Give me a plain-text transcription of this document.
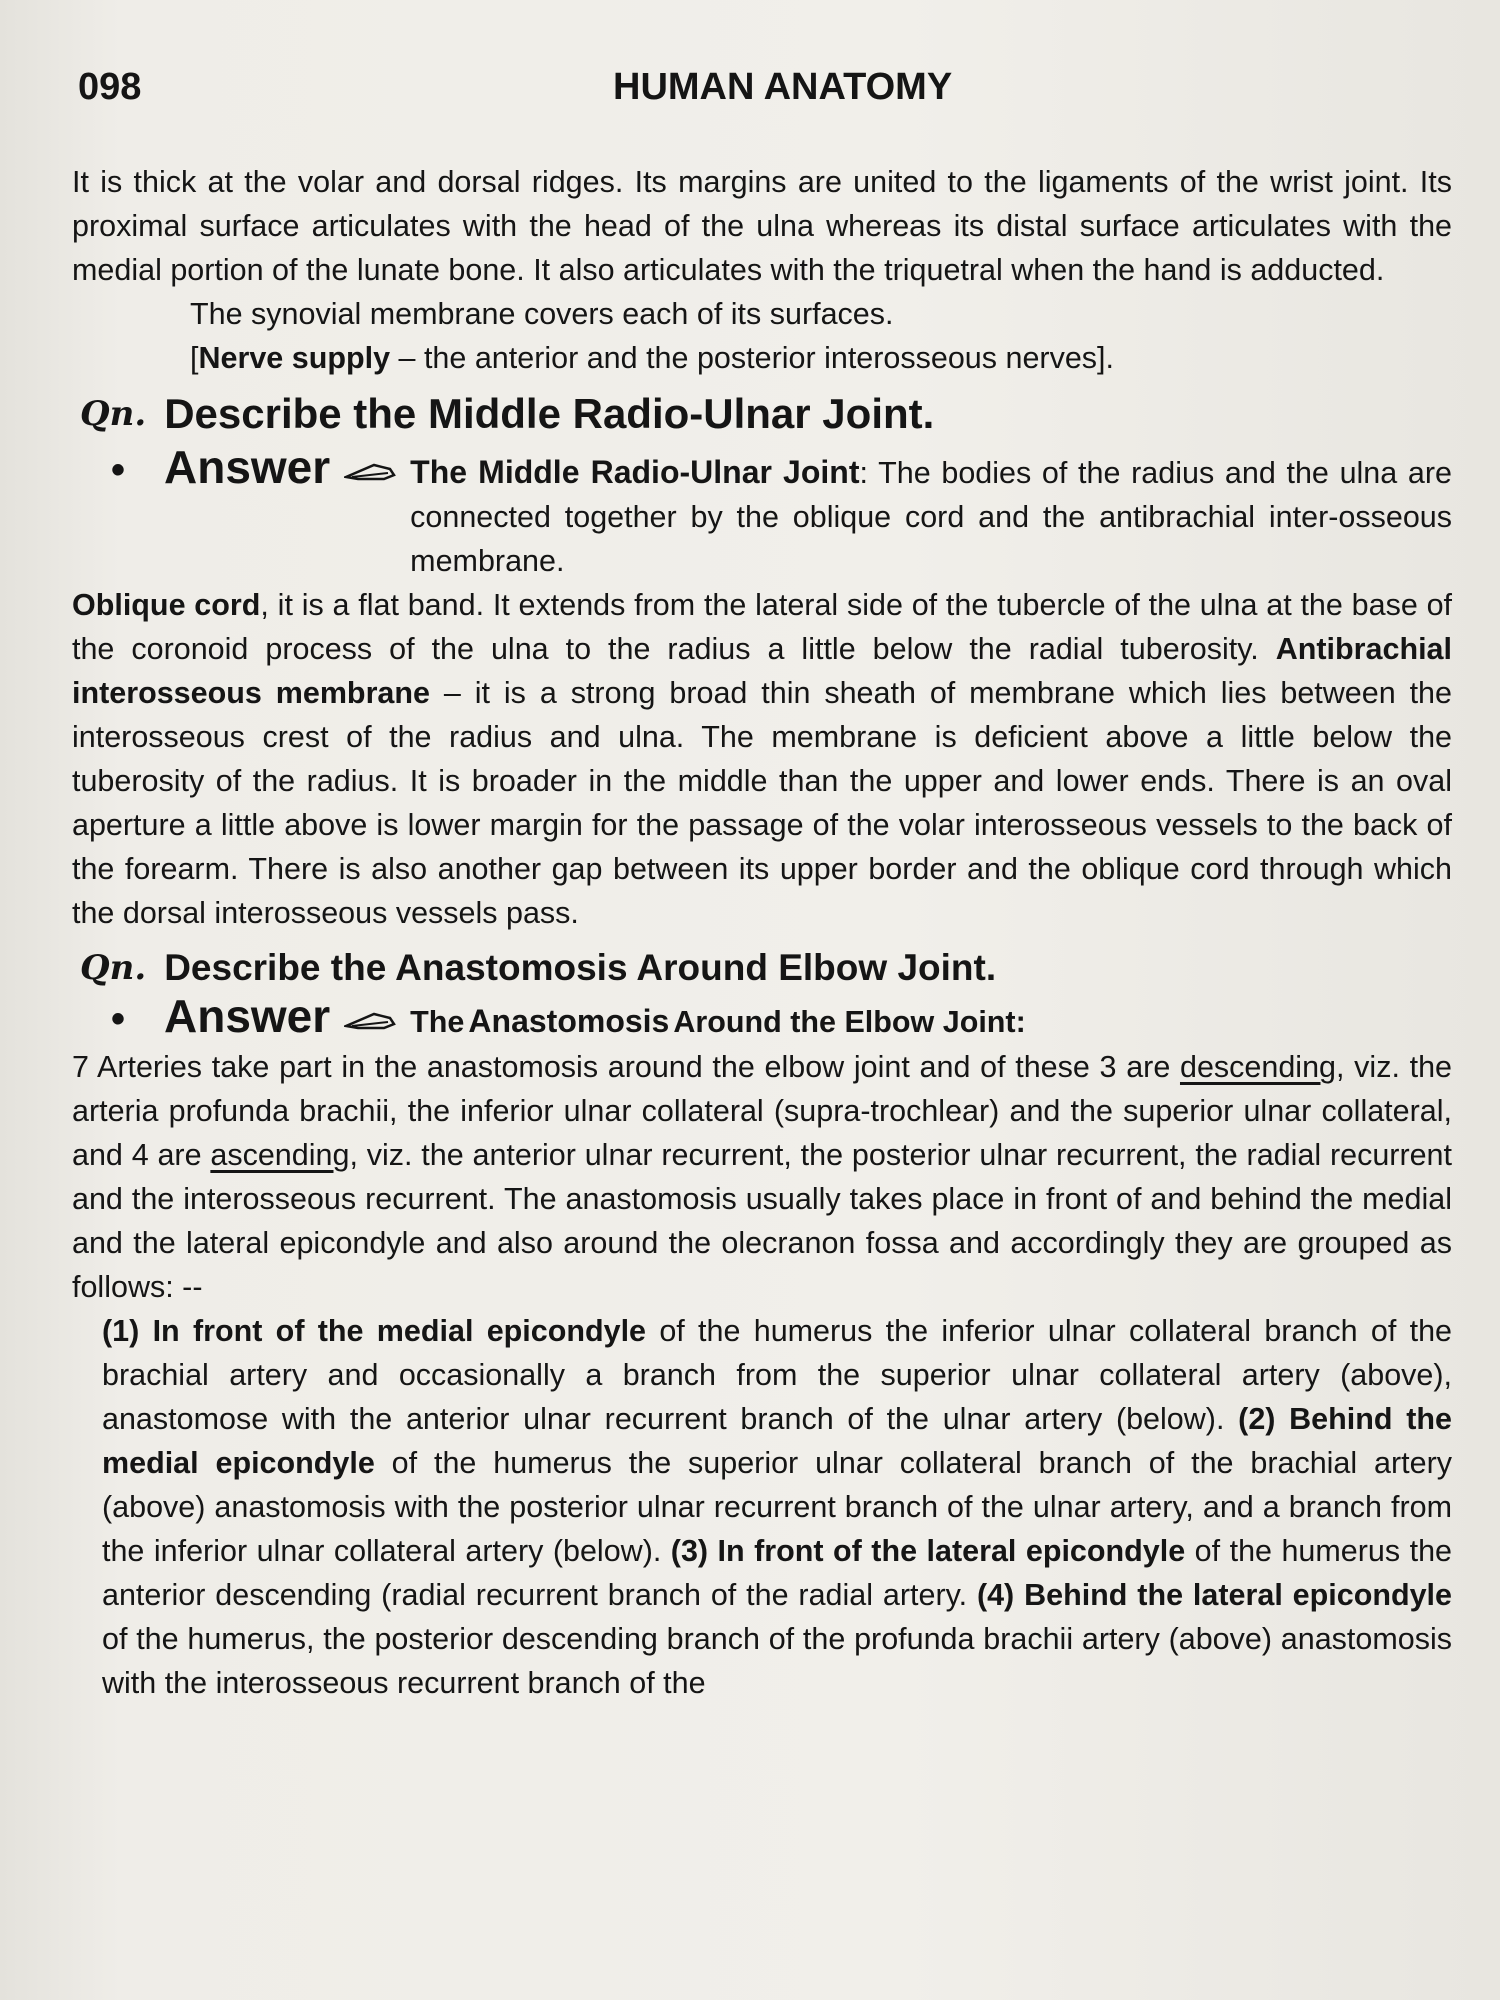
098	HUMAN ANATOMY

It is thick at the volar and dorsal ridges. Its margins are united to the ligaments of the wrist joint. Its proximal surface articulates with the head of the ulna whereas its distal surface articulates with the medial portion of the lunate bone. It also articulates with the triquetral when the hand is adducted.

The synovial membrane covers each of its surfaces.

[Nerve supply – the anterior and the posterior interosseous nerves].

Qn. Describe the Middle Radio-Ulnar Joint .
• Answer	The Middle Radio-Ulnar Joint: The bodies of the radius and the ulna are connected together by the oblique cord and the antibrachial inter-osseous membrane.

Oblique cord, it is a flat band. It extends from the lateral side of the tubercle of the ulna at the base of the coronoid process of the ulna to the radius a little below the radial tuberosity. Antibrachial interosseous membrane – it is a strong broad thin sheath of membrane which lies between the interosseous crest of the radius and ulna. The membrane is deficient above a little below the tuberosity of the radius. It is broader in the middle than the upper and lower ends. There is an oval aperture a little above is lower margin for the passage of the volar interosseous vessels to the back of the forearm. There is also another gap between its upper border and the oblique cord through which the dorsal interosseous vessels pass.

Qn. Describe the Anastomosis Around Elbow Joint .
• Answer	The Anastomosis Around the Elbow Joint:

7 Arteries take part in the anastomosis around the elbow joint and of these 3 are descending, viz. the arteria profunda brachii, the inferior ulnar collateral (supra-trochlear) and the superior ulnar collateral, and 4 are ascending, viz. the anterior ulnar recurrent, the posterior ulnar recurrent, the radial recurrent and the interosseous recurrent. The anastomosis usually takes place in front of and behind the medial and the lateral epicondyle and also around the olecranon fossa and accordingly they are grouped as follows: --

(1) In front of the medial epicondyle of the humerus the inferior ulnar collateral branch of the brachial artery and occasionally a branch from the superior ulnar collateral artery (above), anastomose with the anterior ulnar recurrent branch of the ulnar artery (below). (2) Behind the medial epicondyle of the humerus the superior ulnar collateral branch of the brachial artery (above) anastomosis with the posterior ulnar recurrent branch of the ulnar artery, and a branch from the inferior ulnar collateral artery (below). (3) In front of the lateral epicondyle of the humerus the anterior descending (radial recurrent branch of the radial artery. (4) Behind the lateral epicondyle of the humerus, the posterior descending branch of the profunda brachii artery (above) anastomosis with the interosseous recurrent branch of the
